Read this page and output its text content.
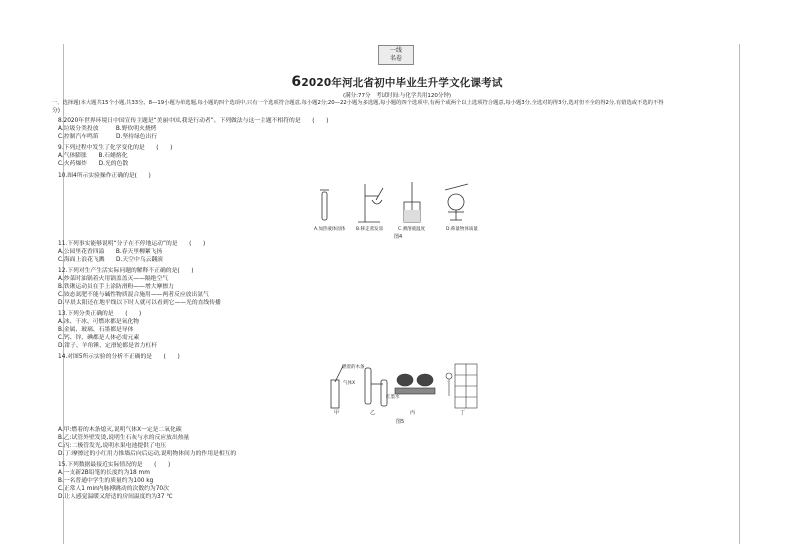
一线
名卷
62020年河北省初中毕业生升学文化课考试
(满分:77分　考试时间:与化学共用120分钟)
一、选择题(本大题共15个小题,共33分。8—19小题为单选题,每小题的四个选项中,只有一个选项符合题意,每小题2分;20—22小题为多选题,每小题的四个选项中,有两个或两个以上选项符合题意,每小题3分,全选对的得3分,选对但不全的得2分,有错选或不选的不得
分)
8.2020年世界环境日中国宣传主题是“美丽中国,我是行动者”。下列做法与这一主题不相符的是　　(　　)
A.垃圾分类投放　　　B.野炊明火烧烤
C.控制汽车鸣笛　　　D.坚持绿色出行
9.下列过程中发生了化学变化的是　　(　　)
A.气体膨胀　　B.石蜡熔化
C.火药爆炸　　D.光的色散
10.图4所示实验操作正确的是(　　)
A.加热液体固体 B.移走蒸发皿	C.测溶液温度	D.称量物体质量
图4
11.下列事实能够说明“分子在不停地运动”的是　　(　　)
A.公园里花香四溢　　B.春天里柳絮飞扬
C.海面上浪花飞溅　　D.天空中乌云翻滚
12.下列对生产生活实际问题的解释不正确的是(　　)
A.炒菜时油锅着火用锅盖盖灭——隔绝空气
B.铁锹运动员在手上涂防滑粉——增大摩擦力
C.铵态氮肥不能与碱性物质混合施用——两者反应放出氨气
D.早晨太阳还在地平线以下时人就可以看到它——光的直线传播
13.下列分类正确的是　　(　　)
A.冰、干冰、可燃冰都是氧化物
B.金属、玻璃、石墨都是导体
C.钙、锌、碘都是人体必需元素
D.钳子、羊角锤、定滑轮都是省力杠杆
14.对图5所示实验的分析不正确的是　　(　　)
燃着的木条
气体X
红墨水
甲	乙	丙	丁
图5
A.甲:燃着的木条熄灭,说明气体X一定是二氧化碳
B.乙:试管外壁发烫,说明生石灰与水的反应放出热量
C.丙:二极管发光,说明水果电池提供了电压
D.丁:摩擦过的小红用力推墙后向后运动,说明物体间力的作用是相互的
15.下列数据最接近实际情况的是　　(　　)
A.一支新2B铅笔的长度约为18 mm
B.一名普通中学生的质量约为100 kg
C.正常人1 min内脉搏跳动的次数约为70次
D.让人感觉温暖又舒适的房间温度约为37 ℃
